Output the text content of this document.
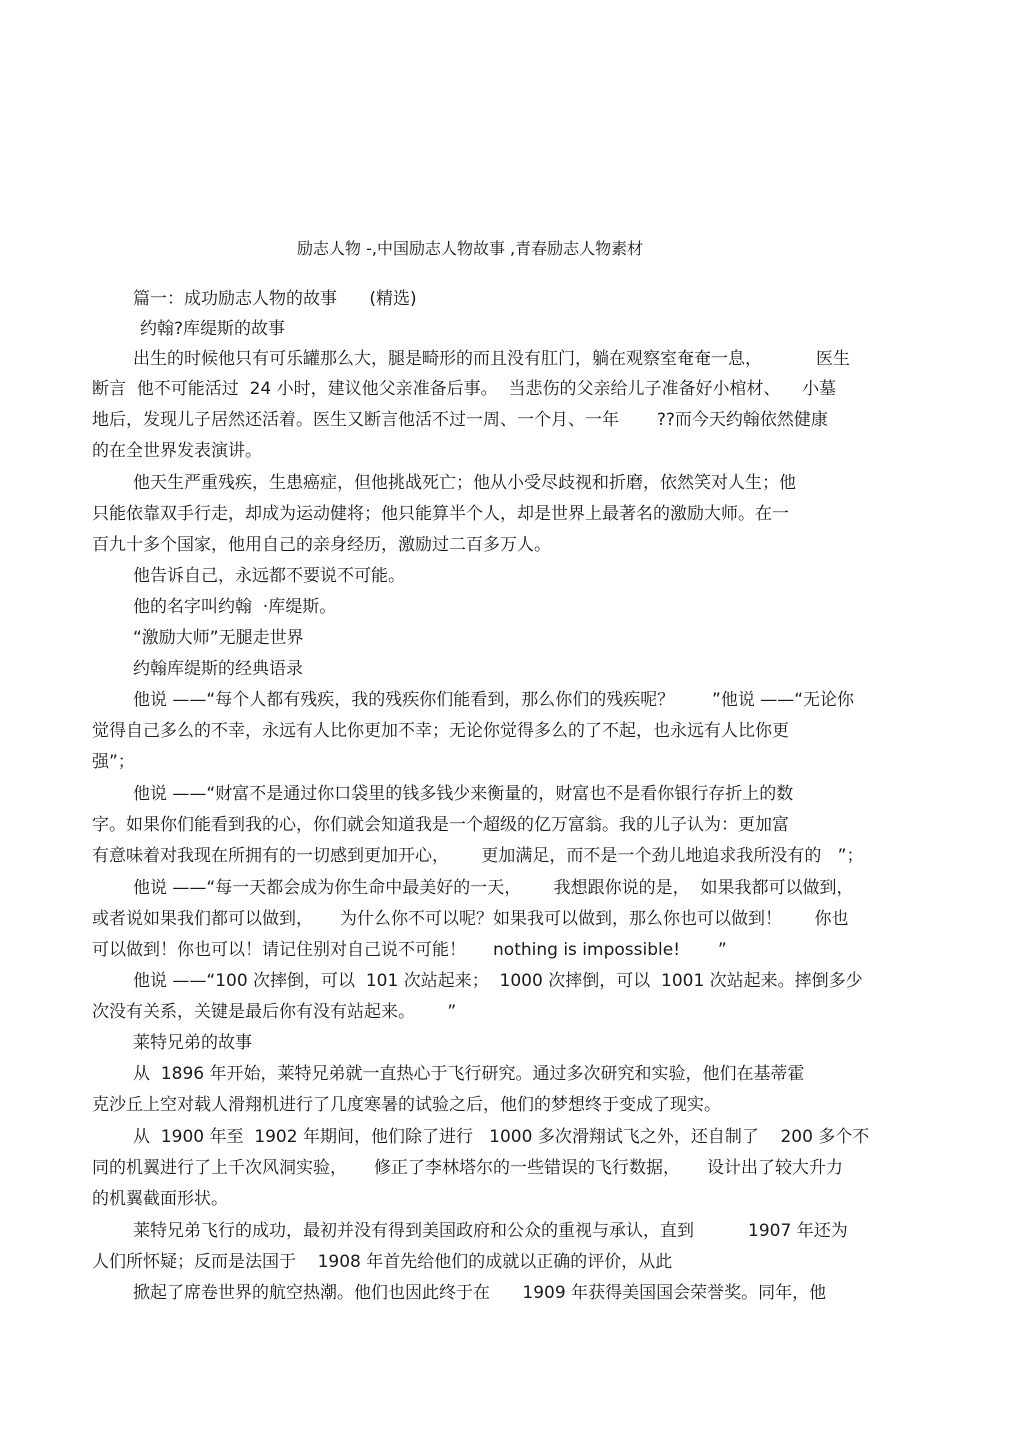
励志人物 -,中国励志人物故事 ,青春励志人物素材
篇一：成功励志人物的故事      (精选)
约翰?库缇斯的故事
出生的时候他只有可乐罐那么大，腿是畸形的而且没有肛门，躺在观察室奄奄一息，          医生
断言  他不可能活过  24 小时，建议他父亲准备后事。  当悲伤的父亲给儿子准备好小棺材、    小墓
地后，发现儿子居然还活着。医生又断言他活不过一周、一个月、一年       ??而今天约翰依然健康
的在全世界发表演讲。
他天生严重残疾，生患癌症，但他挑战死亡；他从小受尽歧视和折磨，依然笑对人生；他
只能依靠双手行走，却成为运动健将；他只能算半个人，却是世界上最著名的激励大师。在一
百九十多个国家，他用自己的亲身经历，激励过二百多万人。
他告诉自己，永远都不要说不可能。
他的名字叫约翰  ·库缇斯。
“激励大师”无腿走世界
约翰库缇斯的经典语录
他说 ——“每个人都有残疾，我的残疾你们能看到，那么你们的残疾呢？       ”他说 ——“无论你
觉得自己多么的不幸，永远有人比你更加不幸；无论你觉得多么的了不起，也永远有人比你更
强”；
他说 ——“财富不是通过你口袋里的钱多钱少来衡量的，财富也不是看你银行存折上的数
字。如果你们能看到我的心，你们就会知道我是一个超级的亿万富翁。我的儿子认为：更加富
有意味着对我现在所拥有的一切感到更加开心，      更加满足，而不是一个劲儿地追求我所没有的   ”；
他说 ——“每一天都会成为你生命中最美好的一天，      我想跟你说的是，  如果我都可以做到，
或者说如果我们都可以做到，     为什么你不可以呢？如果我可以做到，那么你也可以做到！      你也
可以做到！你也可以！请记住别对自己说不可能！     nothing is impossible!       ”
他说 ——“100 次摔倒，可以  101 次站起来；  1000 次摔倒，可以  1001 次站起来。摔倒多少
次没有关系，关键是最后你有没有站起来。      ”
莱特兄弟的故事
从  1896 年开始，莱特兄弟就一直热心于飞行研究。通过多次研究和实验，他们在基蒂霍
克沙丘上空对载人滑翔机进行了几度寒暑的试验之后，他们的梦想终于变成了现实。
从  1900 年至  1902 年期间，他们除了进行   1000 多次滑翔试飞之外，还自制了    200 多个不
同的机翼进行了上千次风洞实验，     修正了李林塔尔的一些错误的飞行数据，     设计出了较大升力
的机翼截面形状。
莱特兄弟飞行的成功，最初并没有得到美国政府和公众的重视与承认，直到          1907 年还为
人们所怀疑；反而是法国于    1908 年首先给他们的成就以正确的评价，从此
掀起了席卷世界的航空热潮。他们也因此终于在      1909 年获得美国国会荣誉奖。同年，他
